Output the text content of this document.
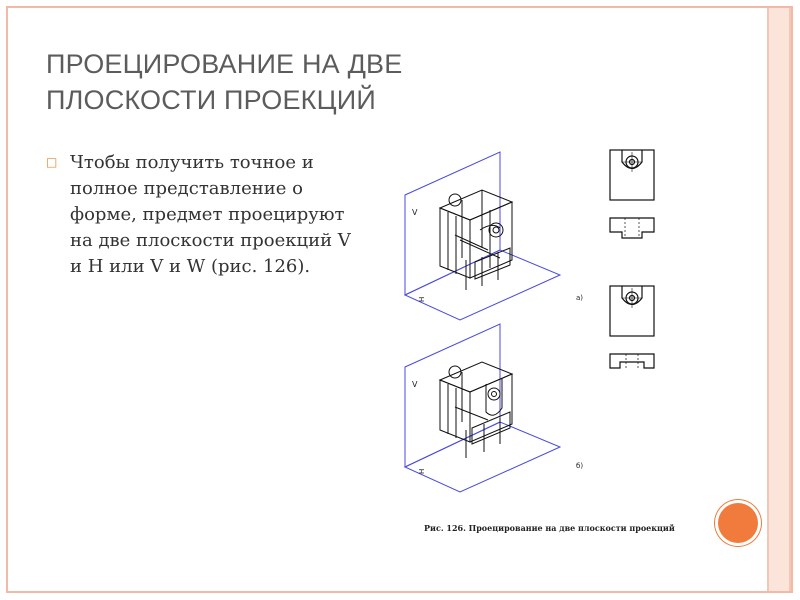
ПРОЕЦИРОВАНИЕ НА ДВЕ
ПЛОСКОСТИ ПРОЕКЦИЙ
□ Чтобы получить точное и полное представление о форме, предмет проецируют на две плоскости проекций V и H или V и W (рис. 126).
V
H	а)
V
H
б)
Рис. 126. Проецирование на две плоскости проекций
